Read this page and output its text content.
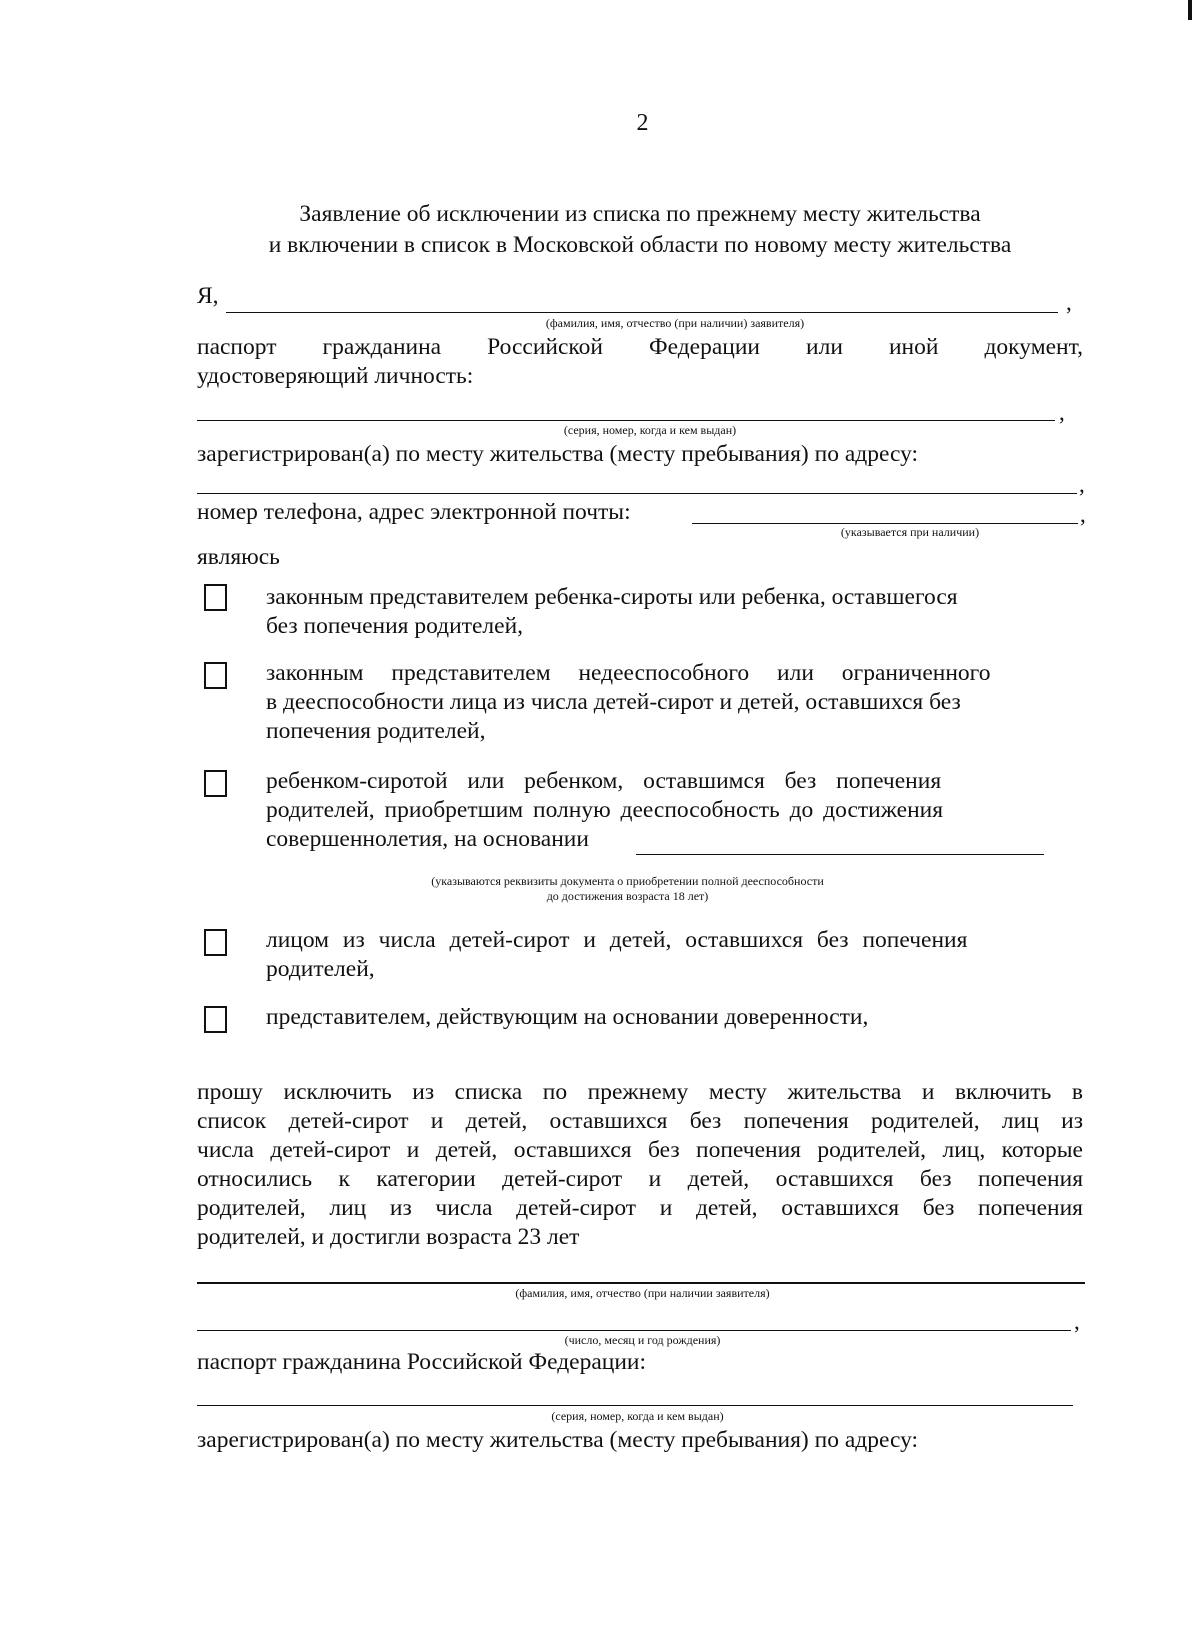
2
Заявление об исключении из списка по прежнему месту жительства
и включении в список в Московской области по новому месту жительства
Я,	,
(фамилия, имя, отчество (при наличии) заявителя)
паспорт гражданина Российской Федерации или иной документ,
удостоверяющий личность:
,
(серия, номер, когда и кем выдан)
зарегистрирован(а) по месту жительства (месту пребывания) по адресу:
,
номер телефона, адрес электронной почты:	,
(указывается при наличии)
являюсь
законным представителем ребенка-сироты или ребенка, оставшегося
без попечения родителей,
законным представителем недееспособного или ограниченного
в дееспособности лица из числа детей-сирот и детей, оставшихся без
попечения родителей,
ребенком-сиротой или ребенком, оставшимся без попечения
родителей, приобретшим полную дееспособность до достижения
совершеннолетия, на основании
(указываются реквизиты документа о приобретении полной дееспособности
до достижения возраста 18 лет)
лицом из числа детей-сирот и детей, оставшихся без попечения
родителей,
представителем, действующим на основании доверенности,
прошу исключить из списка по прежнему месту жительства и включить в
список детей-сирот и детей, оставшихся без попечения родителей, лиц из
числа детей-сирот и детей, оставшихся без попечения родителей, лиц, которые
относились к категории детей-сирот и детей, оставшихся без попечения
родителей, лиц из числа детей-сирот и детей, оставшихся без попечения
родителей, и достигли возраста 23 лет
(фамилия, имя, отчество (при наличии заявителя)
,
(число, месяц и год рождения)
паспорт гражданина Российской Федерации:
(серия, номер, когда и кем выдан)
зарегистрирован(а) по месту жительства (месту пребывания) по адресу:
